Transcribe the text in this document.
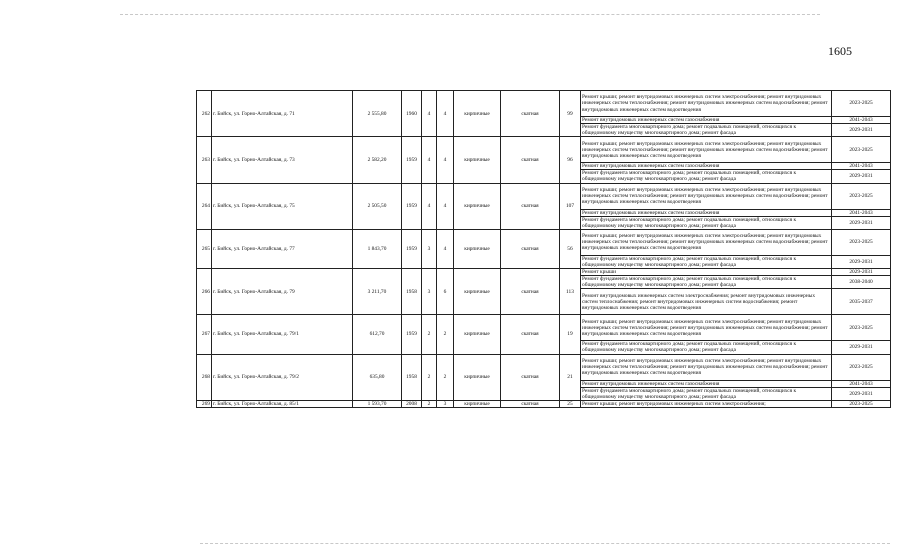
1605
262	г. Бийск, ул. Горно-Алтайская, д. 71	2 555,80	1960	4	4	кирпичные	скатная	99	Ремонт крыши; ремонт внутридомовых инженерных систем электроснабжения; ремонт внутридомовых инженерных систем теплоснабжения; ремонт внутридомовых инженерных систем водоснабжения; ремонт внутридомовых инженерных систем водоотведения	2023-2025
									Ремонт внутридомовых инженерных систем газоснабжения	2041-2043
									Ремонт фундамента многоквартирного дома; ремонт подвальных помещений, относящихся к общедомовому имуществу многоквартирного дома; ремонт фасада	2029-2031
263	г. Бийск, ул. Горно-Алтайская, д. 73	2 582,20	1959	4	4	кирпичные	скатная	96	Ремонт крыши; ремонт внутридомовых инженерных систем электроснабжения; ремонт внутридомовых инженерных систем теплоснабжения; ремонт внутридомовых инженерных систем водоснабжения; ремонт внутридомовых инженерных систем водоотведения	2023-2025
									Ремонт внутридомовых инженерных систем газоснабжения	2041-2043
									Ремонт фундамента многоквартирного дома; ремонт подвальных помещений, относящихся к общедомовому имуществу многоквартирного дома; ремонт фасада	2029-2031
264	г. Бийск, ул. Горно-Алтайская, д. 75	2 505,50	1959	4	4	кирпичные	скатная	107	Ремонт крыши; ремонт внутридомовых инженерных систем электроснабжения; ремонт внутридомовых инженерных систем теплоснабжения; ремонт внутридомовых инженерных систем водоснабжения; ремонт внутридомовых инженерных систем водоотведения	2023-2025
									Ремонт внутридомовых инженерных систем газоснабжения	2041-2043
									Ремонт фундамента многоквартирного дома; ремонт подвальных помещений, относящихся к общедомовому имуществу многоквартирного дома; ремонт фасада	2029-2031
265	г. Бийск, ул. Горно-Алтайская, д. 77	1 843,70	1959	3	4	кирпичные	скатная	56	Ремонт крыши; ремонт внутридомовых инженерных систем электроснабжения; ремонт внутридомовых инженерных систем теплоснабжения; ремонт внутридомовых инженерных систем водоснабжения; ремонт внутридомовых инженерных систем водоотведения	2023-2025
									Ремонт фундамента многоквартирного дома; ремонт подвальных помещений, относящихся к общедомовому имуществу многоквартирного дома; ремонт фасада	2029-2031
266	г. Бийск, ул. Горно-Алтайская, д. 79	3 211,70	1958	3	6	кирпичные	скатная	113	Ремонт крыши	2029-2031
									Ремонт фундамента многоквартирного дома; ремонт подвальных помещений, относящихся к общедомовому имуществу многоквартирного дома; ремонт фасада	2038-2040
									Ремонт внутридомовых инженерных систем электроснабжения; ремонт внутридомовых инженерных систем теплоснабжения; ремонт внутридомовых инженерных систем водоснабжения; ремонт внутридомовых инженерных систем водоотведения	2035-2037
267	г. Бийск, ул. Горно-Алтайская, д. 79/1	612,70	1959	2	2	кирпичные	скатная	19	Ремонт крыши; ремонт внутридомовых инженерных систем электроснабжения; ремонт внутридомовых инженерных систем теплоснабжения; ремонт внутридомовых инженерных систем водоснабжения; ремонт внутридомовых инженерных систем водоотведения	2023-2025
									Ремонт фундамента многоквартирного дома; ремонт подвальных помещений, относящихся к общедомовому имуществу многоквартирного дома; ремонт фасада	2029-2031
268	г. Бийск, ул. Горно-Алтайская, д. 79/2	635,80	1958	2	2	кирпичные	скатная	21	Ремонт крыши; ремонт внутридомовых инженерных систем электроснабжения; ремонт внутридомовых инженерных систем теплоснабжения; ремонт внутридомовых инженерных систем водоснабжения; ремонт внутридомовых инженерных систем водоотведения	2023-2025
									Ремонт внутридомовых инженерных систем газоснабжения	2041-2043
									Ремонт фундамента многоквартирного дома; ремонт подвальных помещений, относящихся к общедомовому имуществу многоквартирного дома; ремонт фасада	2029-2031
269	г. Бийск, ул. Горно-Алтайская, д. 85/1	1 593,70	2008	2	3	кирпичные	скатная	25	Ремонт крыши; ремонт внутридомовых инженерных систем электроснабжения;	2023-2025
